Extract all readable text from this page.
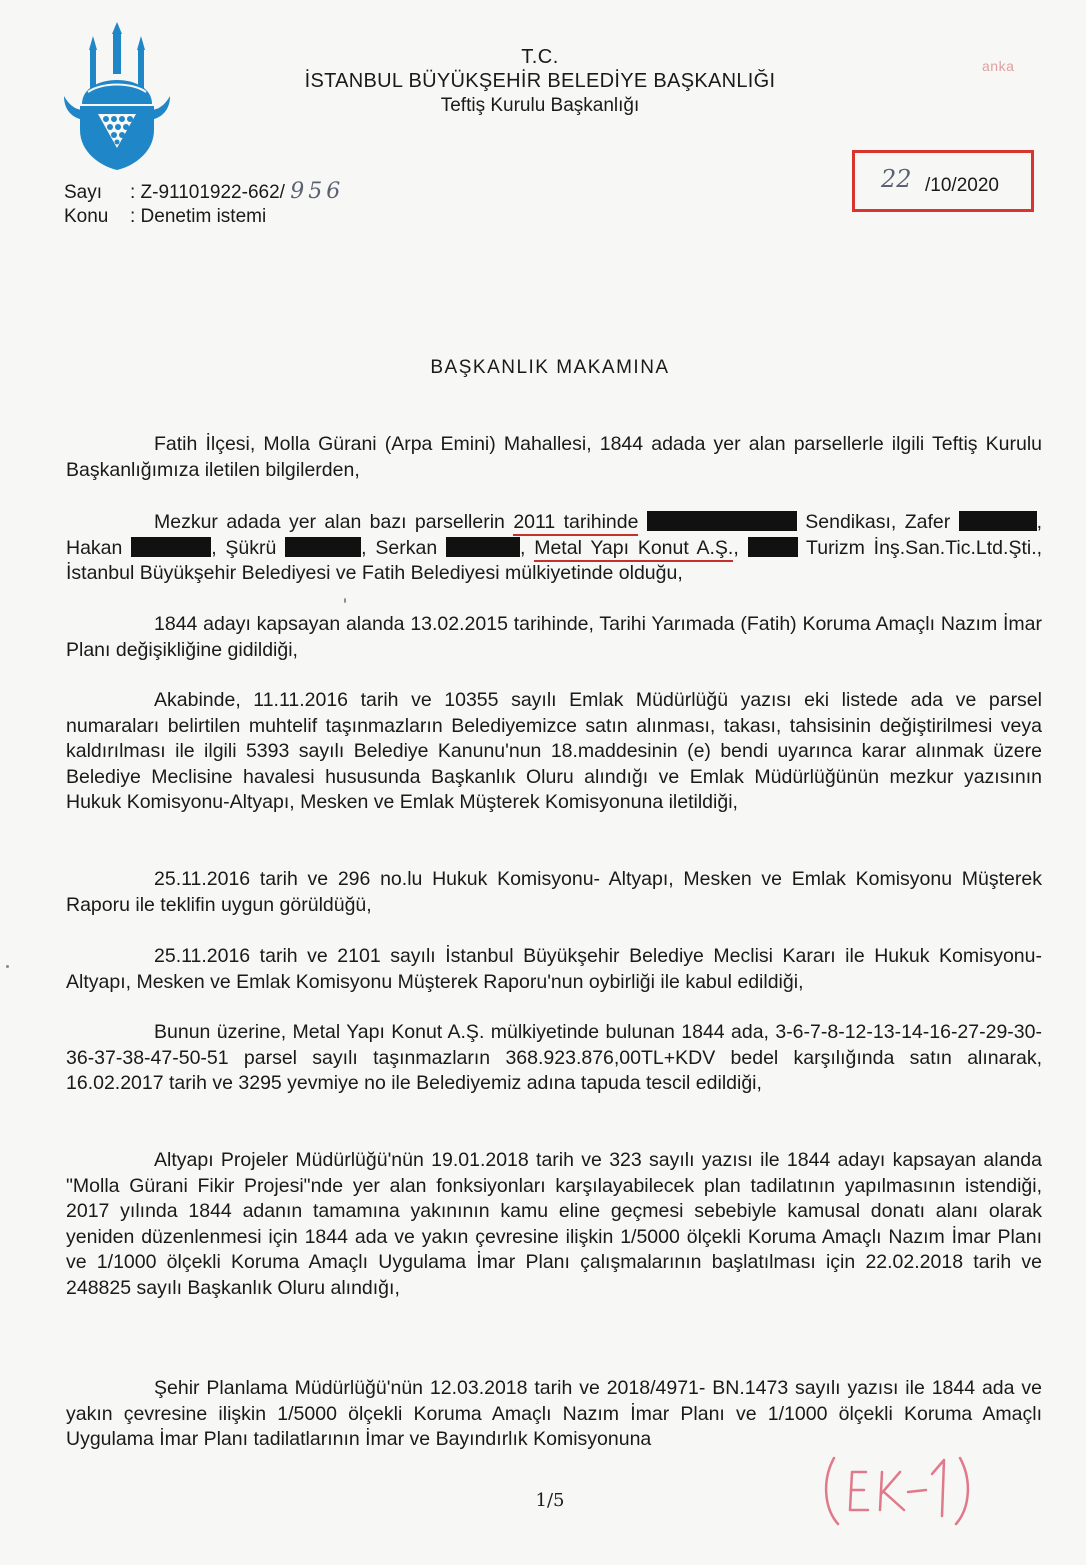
T.C.
İSTANBUL BÜYÜKŞEHİR BELEDİYE BAŞKANLIĞI
Teftiş Kurulu Başkanlığı
anka
Sayı : Z-91101922-662/ 956
Konu : Denetim istemi
22 /10/2020
BAŞKANLIK MAKAMINA
Fatih İlçesi, Molla Gürani (Arpa Emini) Mahallesi, 1844 adada yer alan parsellerle ilgili Teftiş Kurulu Başkanlığımıza iletilen bilgilerden,
Mezkur adada yer alan bazı parsellerin 2011 tarihinde	Sendikası, Zafer	, Hakan	, Şükrü	, Serkan	, Metal Yapı Konut A.Ş.,	Turizm İnş.San.Tic.Ltd.Şti., İstanbul Büyükşehir Belediyesi ve Fatih Belediyesi mülkiyetinde olduğu,
1844 adayı kapsayan alanda 13.02.2015 tarihinde, Tarihi Yarımada (Fatih) Koruma Amaçlı Nazım İmar Planı değişikliğine gidildiği,
Akabinde, 11.11.2016 tarih ve 10355 sayılı Emlak Müdürlüğü yazısı eki listede ada ve parsel numaraları belirtilen muhtelif taşınmazların Belediyemizce satın alınması, takası, tahsisinin değiştirilmesi veya kaldırılması ile ilgili 5393 sayılı Belediye Kanunu'nun 18.maddesinin (e) bendi uyarınca karar alınmak üzere Belediye Meclisine havalesi hususunda Başkanlık Oluru alındığı ve Emlak Müdürlüğünün mezkur yazısının Hukuk Komisyonu-Altyapı, Mesken ve Emlak Müşterek Komisyonuna iletildiği,
25.11.2016 tarih ve 296 no.lu Hukuk Komisyonu- Altyapı, Mesken ve Emlak Komisyonu Müşterek Raporu ile teklifin uygun görüldüğü,
25.11.2016 tarih ve 2101 sayılı İstanbul Büyükşehir Belediye Meclisi Kararı ile Hukuk Komisyonu-Altyapı, Mesken ve Emlak Komisyonu Müşterek Raporu'nun oybirliği ile kabul edildiği,
Bunun üzerine, Metal Yapı Konut A.Ş. mülkiyetinde bulunan 1844 ada, 3-6-7-8-12-13-14-16-27-29-30-36-37-38-47-50-51 parsel sayılı taşınmazların 368.923.876,00TL+KDV bedel karşılığında satın alınarak, 16.02.2017 tarih ve 3295 yevmiye no ile Belediyemiz adına tapuda tescil edildiği,
Altyapı Projeler Müdürlüğü'nün 19.01.2018 tarih ve 323 sayılı yazısı ile 1844 adayı kapsayan alanda "Molla Gürani Fikir Projesi"nde yer alan fonksiyonları karşılayabilecek plan tadilatının yapılmasının istendiği, 2017 yılında 1844 adanın tamamına yakınının kamu eline geçmesi sebebiyle kamusal donatı alanı olarak yeniden düzenlenmesi için 1844 ada ve yakın çevresine ilişkin 1/5000 ölçekli Koruma Amaçlı Nazım İmar Planı ve 1/1000 ölçekli Koruma Amaçlı Uygulama İmar Planı çalışmalarının başlatılması için 22.02.2018 tarih ve 248825 sayılı Başkanlık Oluru alındığı,
Şehir Planlama Müdürlüğü'nün 12.03.2018 tarih ve 2018/4971- BN.1473 sayılı yazısı ile 1844 ada ve yakın çevresine ilişkin 1/5000 ölçekli Koruma Amaçlı Nazım İmar Planı ve 1/1000 ölçekli Koruma Amaçlı Uygulama İmar Planı tadilatlarının İmar ve Bayındırlık Komisyonuna
1/5
